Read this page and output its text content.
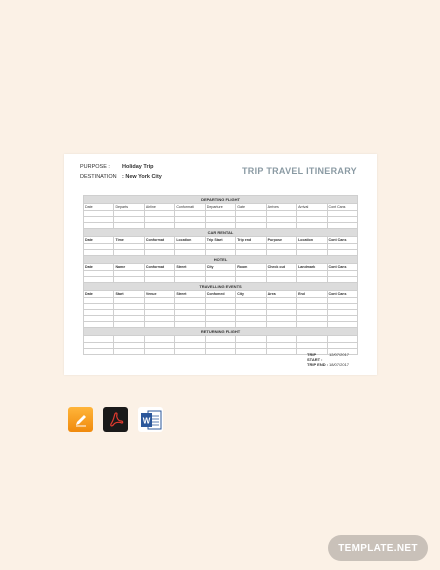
PURPOSE :	Holiday Trip
DESTINATION : New York City
TRIP TRAVEL ITINERARY
DEPARTING FLIGHT								
Date	Departs	Airline	Conformati	Departure	Gate	Arrives	Arrival	Cont Cans

CAR RENTAL								
Date	Time	Conformat	Location	Trip Start	Trip end	Purpose	Location	Cont Cans

HOTEL								
Date	Name	Conformat	Street	City	Room	Check out	Landmark	Cont Cans

TRAVELLING EVENTS								
Date	Start	Venue	Street	Confomed	City	Area	End	Cont Cans

RETURNING FLIGHT								

TRIP START :
12/07/2017
TRIP END : 18/07/2017
W
TEMPLATE.NET
